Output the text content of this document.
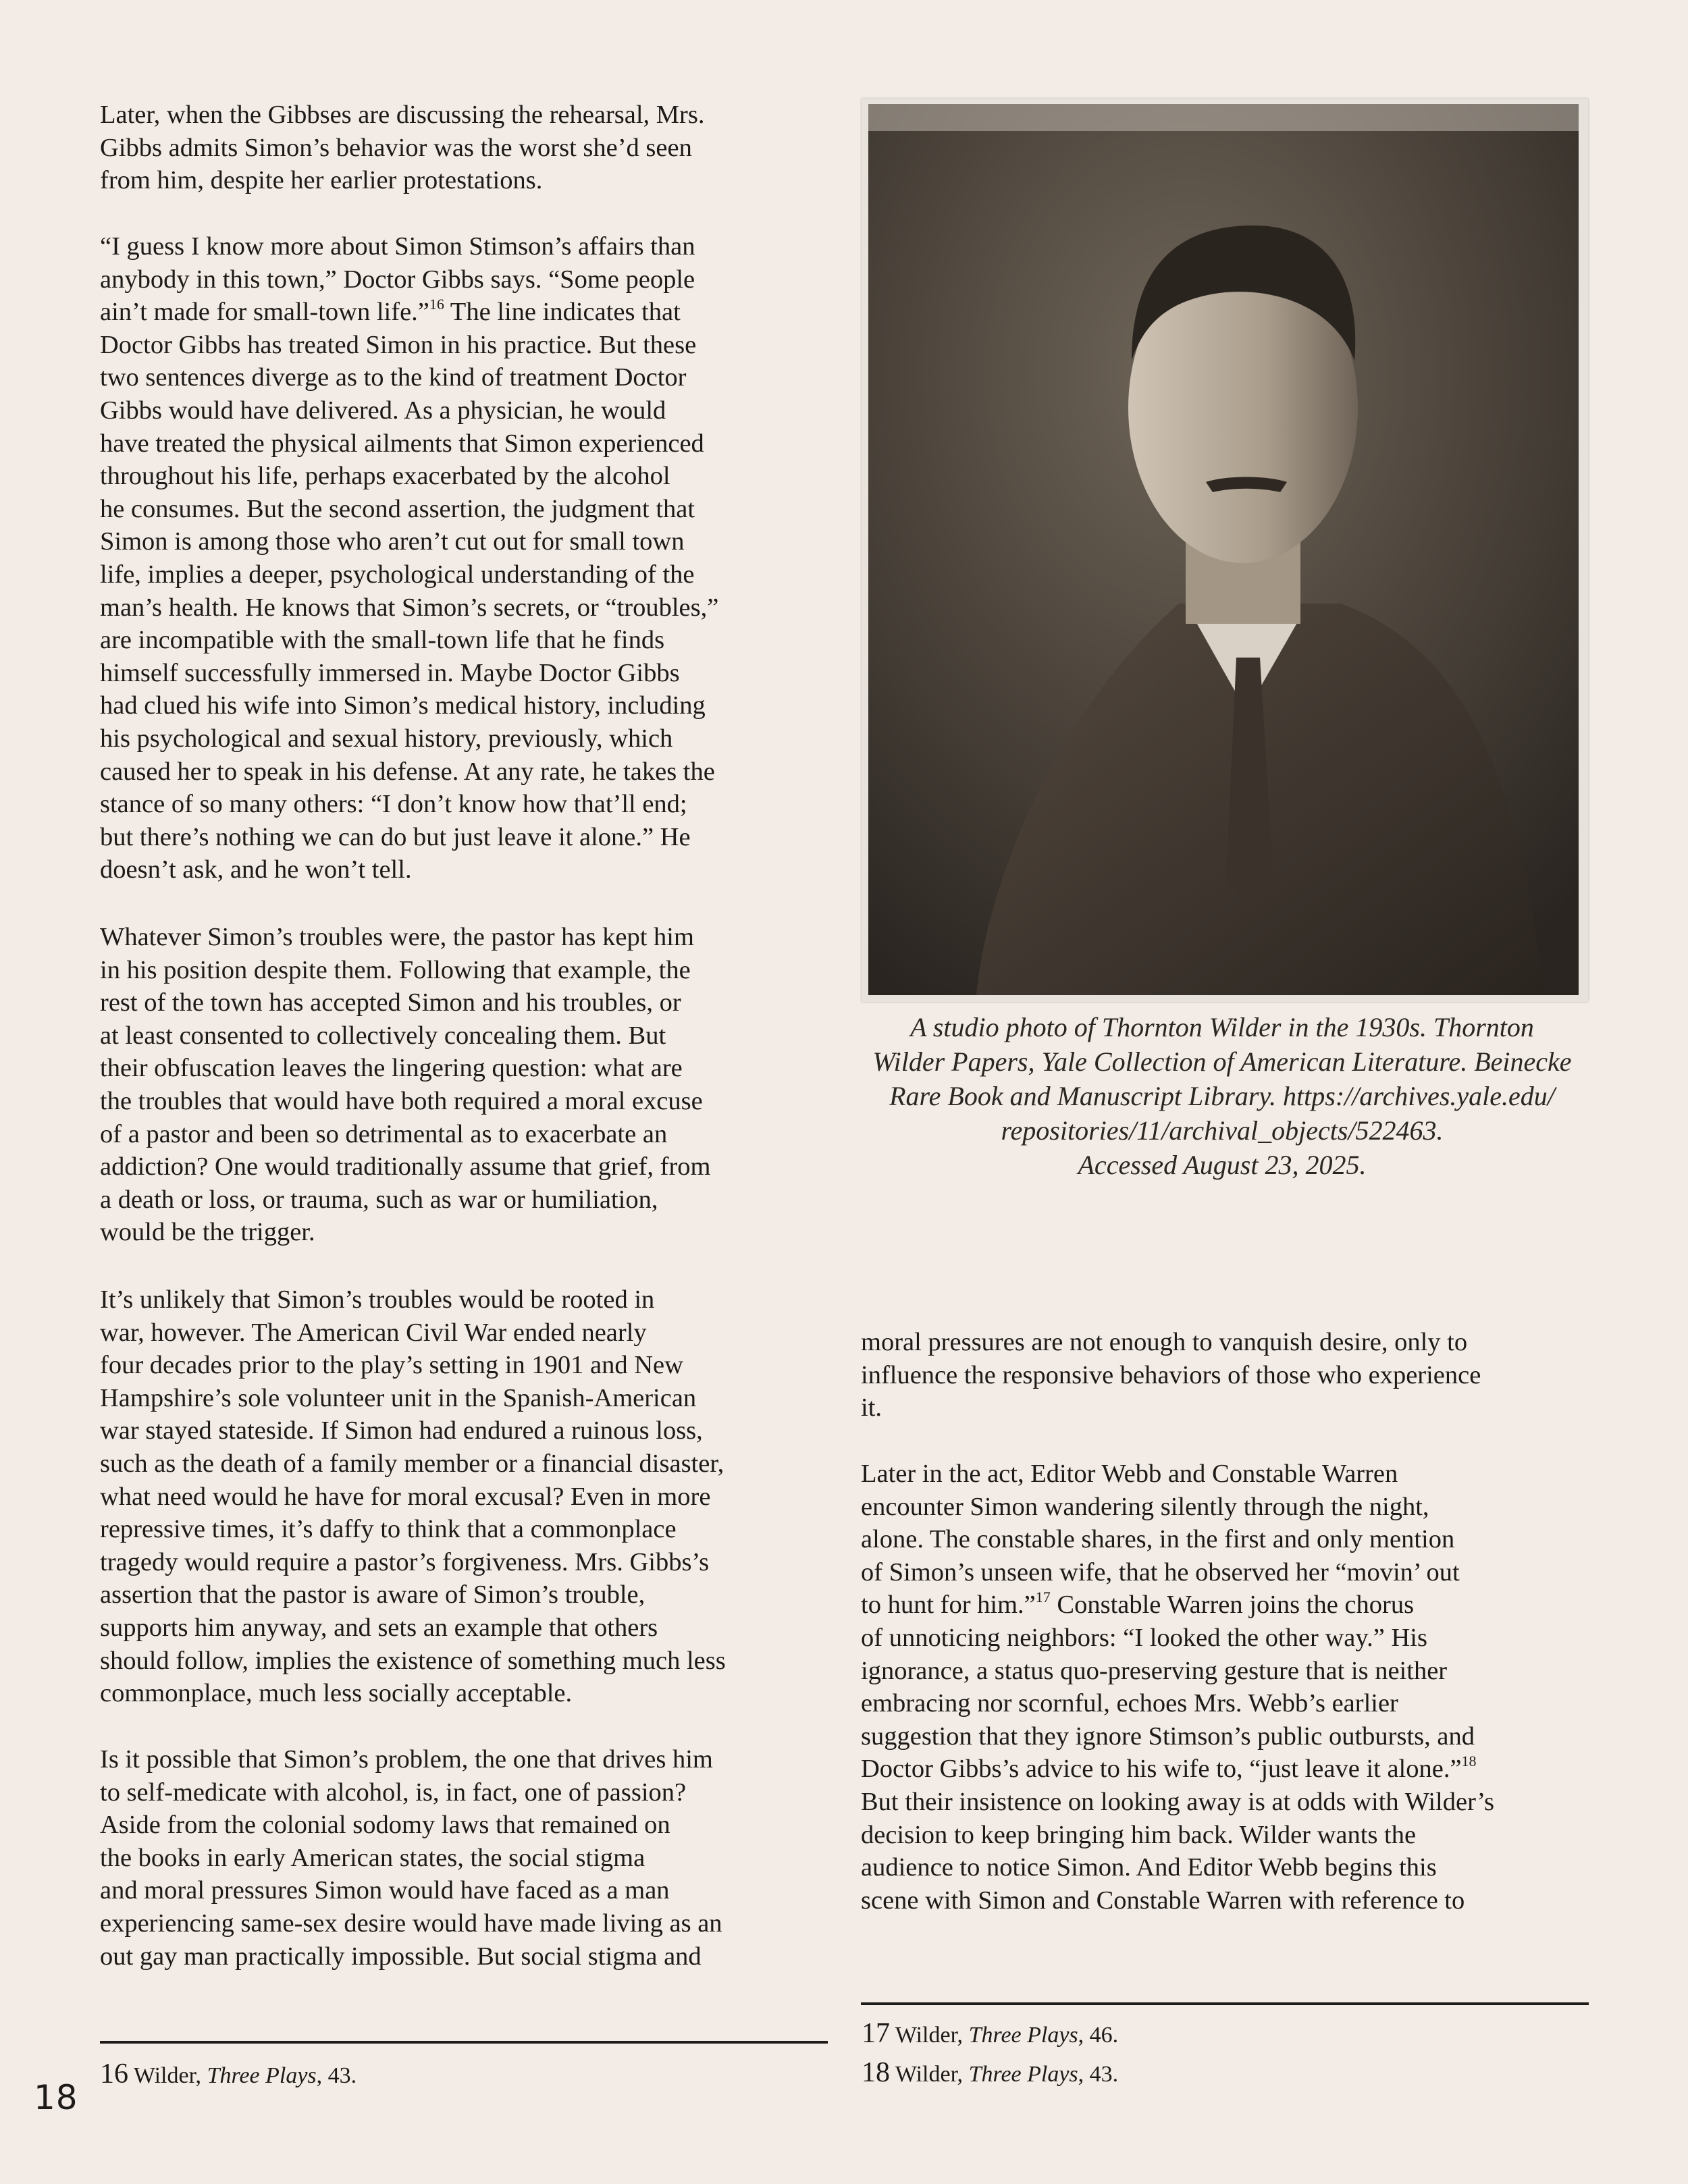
Later, when the Gibbses are discussing the rehearsal, Mrs.
Gibbs admits Simon’s behavior was the worst she’d seen
from him, despite her earlier protestations.

“I guess I know more about Simon Stimson’s affairs than
anybody in this town,” Doctor Gibbs says. “Some people
ain’t made for small-town life.”$^{16}$ The line indicates that
Doctor Gibbs has treated Simon in his practice. But these
two sentences diverge as to the kind of treatment Doctor
Gibbs would have delivered. As a physician, he would
have treated the physical ailments that Simon experienced
throughout his life, perhaps exacerbated by the alcohol
he consumes. But the second assertion, the judgment that
Simon is among those who aren’t cut out for small town
life, implies a deeper, psychological understanding of the
man’s health. He knows that Simon’s secrets, or “troubles,”
are incompatible with the small-town life that he finds
himself successfully immersed in. Maybe Doctor Gibbs
had clued his wife into Simon’s medical history, including
his psychological and sexual history, previously, which
caused her to speak in his defense. At any rate, he takes the
stance of so many others: “I don’t know how that’ll end;
but there’s nothing we can do but just leave it alone.” He
doesn’t ask, and he won’t tell.

Whatever Simon’s troubles were, the pastor has kept him
in his position despite them. Following that example, the
rest of the town has accepted Simon and his troubles, or
at least consented to collectively concealing them. But
their obfuscation leaves the lingering question: what are
the troubles that would have both required a moral excuse
of a pastor and been so detrimental as to exacerbate an
addiction? One would traditionally assume that grief, from
a death or loss, or trauma, such as war or humiliation,
would be the trigger.

It’s unlikely that Simon’s troubles would be rooted in
war, however. The American Civil War ended nearly
four decades prior to the play’s setting in 1901 and New
Hampshire’s sole volunteer unit in the Spanish-American
war stayed stateside. If Simon had endured a ruinous loss,
such as the death of a family member or a financial disaster,
what need would he have for moral excusal? Even in more
repressive times, it’s daffy to think that a commonplace
tragedy would require a pastor’s forgiveness. Mrs. Gibbs’s
assertion that the pastor is aware of Simon’s trouble,
supports him anyway, and sets an example that others
should follow, implies the existence of something much less
commonplace, much less socially acceptable.

Is it possible that Simon’s problem, the one that drives him
to self-medicate with alcohol, is, in fact, one of passion?
Aside from the colonial sodomy laws that remained on
the books in early American states, the social stigma
and moral pressures Simon would have faced as a man
experiencing same-sex desire would have made living as an
out gay man practically impossible. But social stigma and

A studio photo of Thornton Wilder in the 1930s. Thornton
Wilder Papers, Yale Collection of American Literature. Beinecke
Rare Book and Manuscript Library. https://archives.yale.edu/
repositories/11/archival_objects/522463.
Accessed August 23, 2025.

moral pressures are not enough to vanquish desire, only to
influence the responsive behaviors of those who experience
it.

Later in the act, Editor Webb and Constable Warren
encounter Simon wandering silently through the night,
alone. The constable shares, in the first and only mention
of Simon’s unseen wife, that he observed her “movin’ out
to hunt for him.”$^{17}$ Constable Warren joins the chorus
of unnoticing neighbors: “I looked the other way.” His
ignorance, a status quo-preserving gesture that is neither
embracing nor scornful, echoes Mrs. Webb’s earlier
suggestion that they ignore Stimson’s public outbursts, and
Doctor Gibbs’s advice to his wife to, “just leave it alone.”$^{18}$

But their insistence on looking away is at odds with Wilder’s
decision to keep bringing him back. Wilder wants the
audience to notice Simon. And Editor Webb begins this
scene with Simon and Constable Warren with reference to

16 Wilder, Three Plays, 43.
17 Wilder, Three Plays, 46.
18 Wilder, Three Plays, 43.
18
